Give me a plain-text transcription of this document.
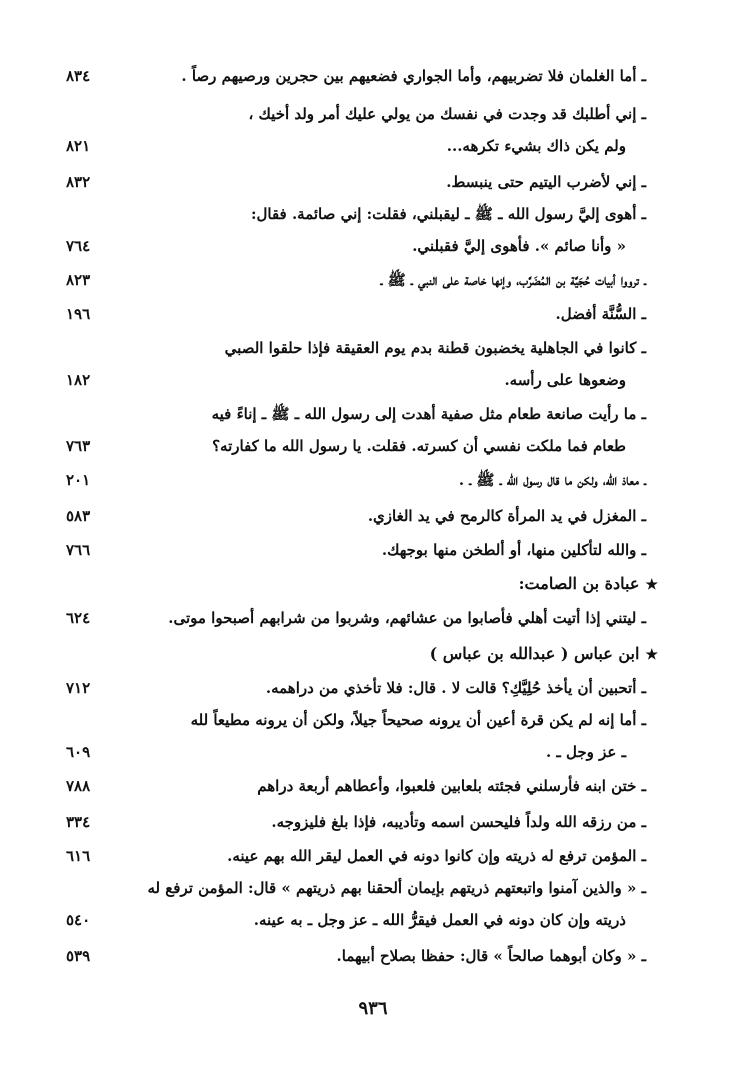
ـ أما الغلمان فلا تضربيهم، وأما الجواري فضعيهم بين حجرين ورصيهم رصاً .
٨٣٤
ـ إني أطلبك قد وجدت في نفسك من يولي عليك أمر ولد أخيك ،
ولم يكن ذاك بشيء تكرهه...
٨٢١
ـ إني لأضرب اليتيم حتى ينبسط.
٨٣٢
ـ أهوى إليَّ رسول الله ـ ﷺ ـ ليقبلني، فقلت: إني صائمة. فقال:
« وأنا صائم ». فأهوى إليَّ فقبلني.
٧٦٤
ـ ترووا أبيات حُجَيَّة بن المُضَرَّب، وإنها خاصة على النبي ـ ﷺ ـ
٨٢٣
ـ السُّنَّة أفضل.
١٩٦
ـ كانوا في الجاهلية يخضبون قطنة بدم يوم العقيقة فإذا حلقوا الصبي
وضعوها على رأسه.
١٨٢
ـ ما رأيت صانعة طعام مثل صفية أهدت إلى رسول الله ـ ﷺ ـ إناءً فيه
طعام فما ملكت نفسي أن كسرته. فقلت. يا رسول الله ما كفارته؟
٧٦٣
ـ معاذ الله، ولكن ما قال رسول الله ـ ﷺ ـ .
٢٠١
ـ المغزل في يد المرأة كالرمح في يد الغازي.
٥٨٣
ـ والله لتأكلين منها، أو ألطخن منها بوجهك.
٧٦٦
★عبادة بن الصامت:
ـ ليتني إذا أتيت أهلي فأصابوا من عشائهم، وشربوا من شرابهم أصبحوا موتى.
٦٢٤
★ابن عباس ( عبدالله بن عباس )
ـ أتحبين أن يأخذ حُلِيَّكِ؟ قالت لا . قال: فلا تأخذي من دراهمه.
٧١٢
ـ أما إنه لم يكن قرة أعين أن يرونه صحيحاً جيلاً، ولكن أن يرونه مطيعاً لله
ـ عز وجل ـ .
٦٠٩
ـ ختن ابنه فأرسلني فجئته بلعابين فلعبوا، وأعطاهم أربعة دراهم
٧٨٨
ـ من رزقه الله ولداً فليحسن اسمه وتأديبه، فإذا بلغ فليزوجه.
٣٣٤
ـ المؤمن ترفع له ذريته وإن كانوا دونه في العمل ليقر الله بهم عينه.
٦١٦
ـ « والذين آمنوا واتبعتهم ذريتهم بإيمان ألحقنا بهم ذريتهم » قال: المؤمن ترفع له
ذريته وإن كان دونه في العمل فيقرُّ الله ـ عز وجل ـ به عينه.
٥٤٠
ـ « وكان أبوهما صالحاً » قال: حفظا بصلاح أبيهما.
٥٣٩
٩٣٦
